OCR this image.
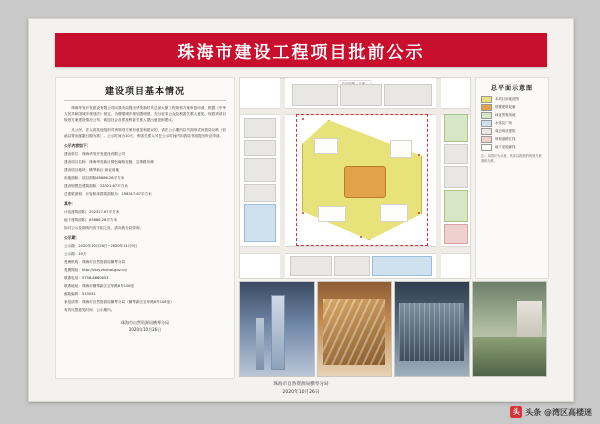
珠海市建设工程项目批前公示
建设项目基本情况
珠海华发开发建设有限公司向我市局提出华发新时代总部大厦工程规划方案审批申请，根据《中华人民共和国城乡规划法》规定，为增强城乡规划透明度，充分征求公众及利害关系人意见，现将该项目规划方案建设情况公布，欢迎社会各界及利害关系人提出意见和建议。
凡公民、法人或其他组织对该规划方案有意见和建议的，请在公示期内以书面形式向我局反映（信函以寄出邮戳日期为准）。公示时间为10天，利害关系人可在公示时间内向我局书面提出听证申请。
公示内容如下：
建设单位：珠海华发开发建设有限公司
建设项目名称：珠海华发新区情侣南路北侧、宝珠路东侧
建设项目地块：横琴新区 商业用地
用地面积：项目面积65686.28平方米
建设规模总建筑面积：23321.67平方米
总建筑面积：计容积率建筑面积为：198317.67平方米
其中：
计容建筑面积：202317.67平方米
地下建筑面积：65686.28平方米
如对公示及图纸内容不知之处，请向我分局咨询。
公示期：
公示期：2020年10月26日~2020年11月9日
公示期：10天
受理机构：珠海市自然资源局横琴分局
受理网址：http://zrzy.zhuhai.gov.cn/
联系电话：0756-8680653
联系地址：珠海市横琴新区宝华路6号106室
邮政编码：519031
来信请寄：珠海市自然资源局横琴分局（横琴新区宝华路6号106室）
有效反馈意见时间：公示期内。
珠海市自然资源局横琴分局
2020年10月26日
总平面示意图
本项目用地范围
塔楼建筑轮廓
绿化景观用地
水体及广场
周边现状建筑
规划道路红线
地下室轮廓线
注：本图仅为示意，具体以批准的规划方案图纸为准。
珠海市自然资源局横琴分局
2020年10月26日
头 头条 @湾区高楼迷
